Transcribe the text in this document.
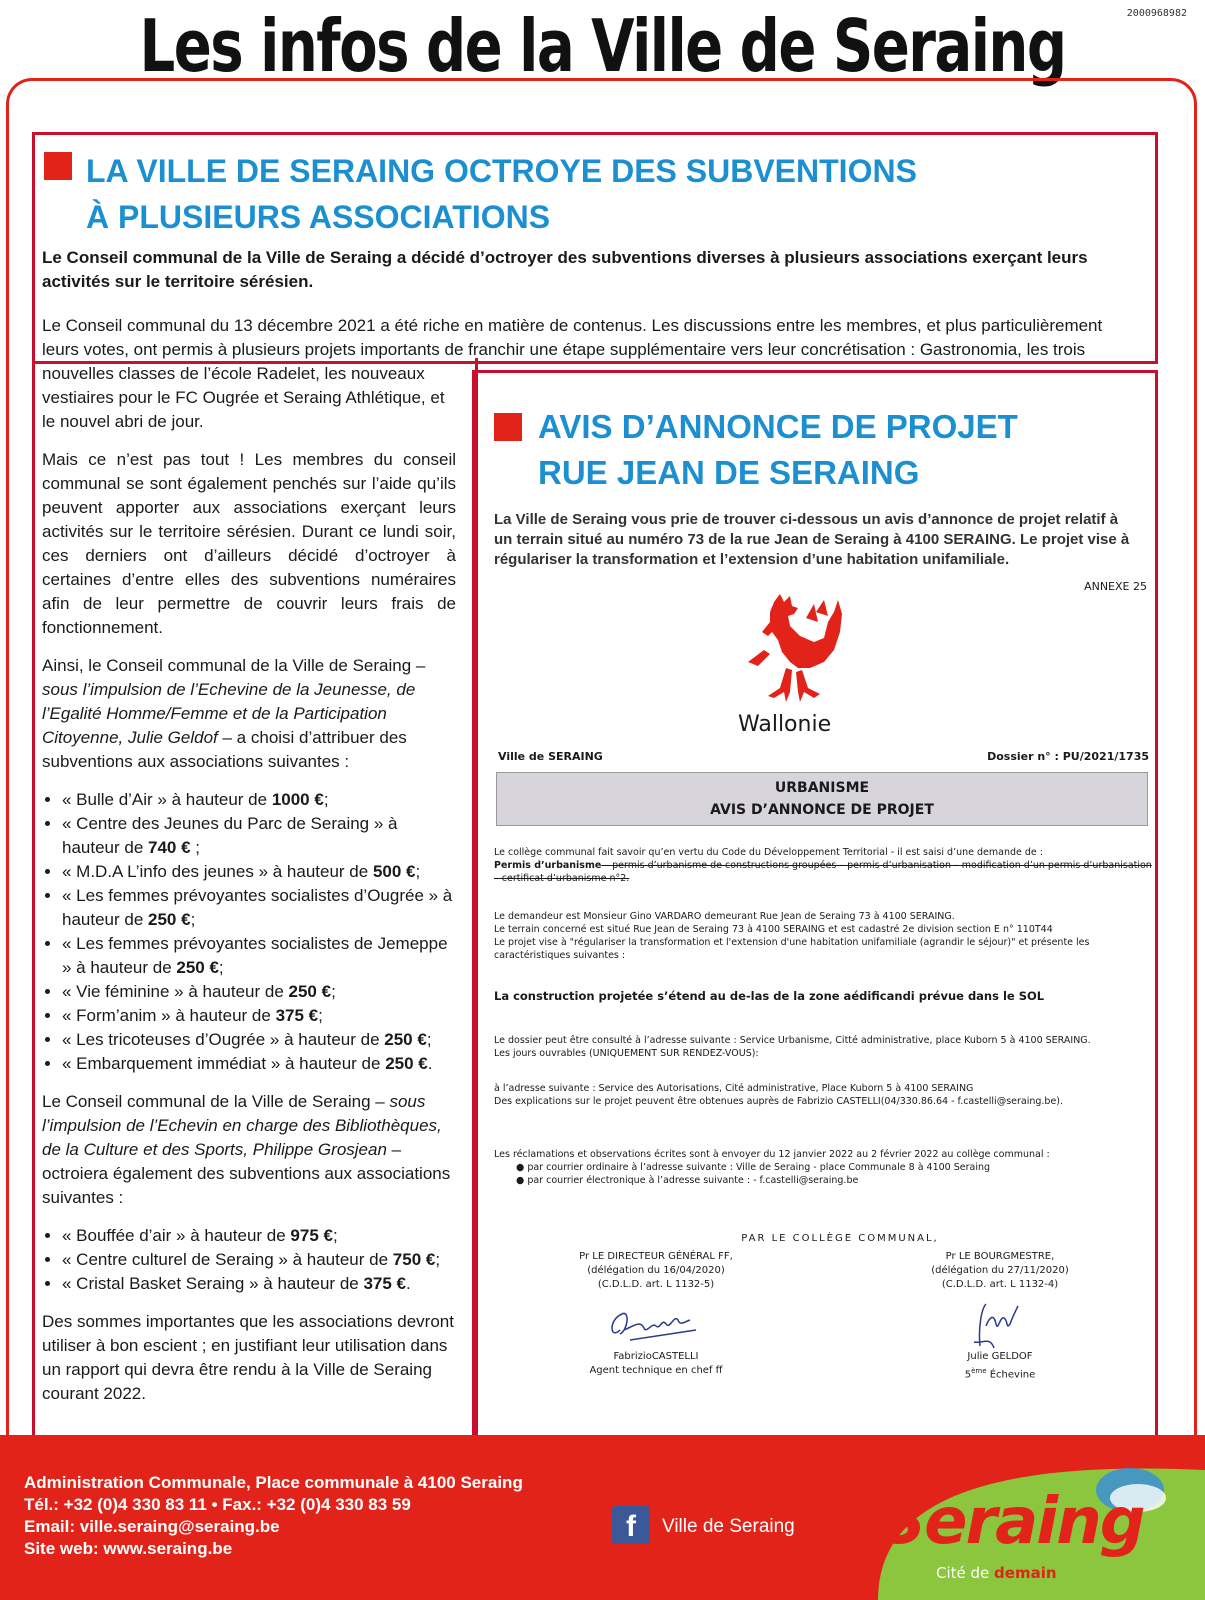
2000968982
Les infos de la Ville de Seraing
LA VILLE DE SERAING OCTROYE DES SUBVENTIONS
À PLUSIEURS ASSOCIATIONS
Le Conseil communal de la Ville de Seraing a décidé d’octroyer des subventions diverses à plusieurs associations exerçant leurs activités sur le territoire sérésien.
Le Conseil communal du 13 décembre 2021 a été riche en matière de contenus. Les discussions entre les membres, et plus particulièrement leurs votes, ont permis à plusieurs projets importants de franchir une étape supplémentaire vers leur concrétisation : Gastronomia, les trois

nouvelles classes de l’école Radelet, les nouveaux vestiaires pour le FC Ougrée et Seraing Athlétique, et le nouvel abri de jour.

Mais ce n’est pas tout ! Les membres du conseil communal se sont également penchés sur l’aide qu’ils peuvent apporter aux associations exerçant leurs activités sur le territoire sérésien. Durant ce lundi soir, ces derniers ont d’ailleurs décidé d’octroyer à certaines d’entre elles des subventions numéraires afin de leur permettre de couvrir leurs frais de fonctionnement.

Ainsi, le Conseil communal de la Ville de Seraing – sous l’impulsion de l’Echevine de la Jeunesse, de l’Egalité Homme/Femme et de la Participation Citoyenne, Julie Geldof – a choisi d’attribuer des subventions aux associations suivantes :

• « Bulle d’Air » à hauteur de 1000 €;
• « Centre des Jeunes du Parc de Seraing » à hauteur de 740 € ;
• « M.D.A L’info des jeunes » à hauteur de 500 €;
• « Les femmes prévoyantes socialistes d’Ougrée » à hauteur de 250 €;
• « Les femmes prévoyantes socialistes de Jemeppe » à hauteur de 250 €;
• « Vie féminine » à hauteur de 250 €;
• « Form’anim » à hauteur de 375 €;
• « Les tricoteuses d’Ougrée » à hauteur de 250 €;
• « Embarquement immédiat » à hauteur de 250 €.

Le Conseil communal de la Ville de Seraing – sous l’impulsion de l’Echevin en charge des Bibliothèques, de la Culture et des Sports, Philippe Grosjean – octroiera également des subventions aux associations suivantes :

• « Bouffée d’air » à hauteur de 975 €;
• « Centre culturel de Seraing » à hauteur de 750 €;
• « Cristal Basket Seraing » à hauteur de 375 €.

Des sommes importantes que les associations devront utiliser à bon escient ; en justifiant leur utilisation dans un rapport qui devra être rendu à la Ville de Seraing courant 2022.

AVIS D’ANNONCE DE PROJET
RUE JEAN DE SERAING
La Ville de Seraing vous prie de trouver ci-dessous un avis d’annonce de projet relatif à un terrain situé au numéro 73 de la rue Jean de Seraing à 4100 SERAING. Le projet vise à régulariser la transformation et l’extension d’une habitation unifamiliale.
ANNEXE 25
Wallonie
Ville de SERAING	Dossier n° : PU/2021/1735
URBANISME
AVIS D’ANNONCE DE PROJET

Le collège communal fait savoir qu’en vertu du Code du Développement Territorial - il est saisi d’une demande de :

Permis d’urbanisme – permis d’urbanisme de constructions groupées – permis d’urbanisation – modification d’un permis d’urbanisation – certificat d’urbanisme n°2.

Le demandeur est Monsieur Gino VARDARO demeurant Rue Jean de Seraing 73 à 4100 SERAING.

Le terrain concerné est situé Rue Jean de Seraing 73 à 4100 SERAING et est cadastré 2e division section E n° 110T44

Le projet vise à "régulariser la transformation et l'extension d'une habitation unifamiliale (agrandir le séjour)" et présente les caractéristiques suivantes :

La construction projetée s’étend au de-las de la zone aédificandi prévue dans le SOL

Le dossier peut être consulté à l’adresse suivante : Service Urbanisme, Citté administrative, place Kuborn 5 à 4100 SERAING.

Les jours ouvrables (UNIQUEMENT SUR RENDEZ-VOUS):

à l’adresse suivante : Service des Autorisations, Cité administrative, Place Kuborn 5 à 4100 SERAING

Des explications sur le projet peuvent être obtenues auprès de Fabrizio CASTELLI(04/330.86.64 - f.castelli@seraing.be).

Les réclamations et observations écrites sont à envoyer du 12 janvier 2022 au 2 février 2022 au collège communal :

● par courrier ordinaire à l’adresse suivante : Ville de Seraing - place Communale 8 à 4100 Seraing

● par courrier électronique à l’adresse suivante : - f.castelli@seraing.be

PAR LE COLLÈGE COMMUNAL,
Pr LE DIRECTEUR GÉNÉRAL FF,
(délégation du 16/04/2020)
(C.D.L.D. art. L 1132-5)
FabrizioCASTELLI
Agent technique en chef ff
Pr LE BOURGMESTRE,
(délégation du 27/11/2020)
(C.D.L.D. art. L 1132-4)
Julie GELDOF
5ème Échevine
Administration Communale, Place communale à 4100 Seraing
Tél.: +32 (0)4 330 83 11 • Fax.: +32 (0)4 330 83 59
Email: ville.seraing@seraing.be
Site web: www.seraing.be
f	Ville de Seraing Seraing
Cité de demain
